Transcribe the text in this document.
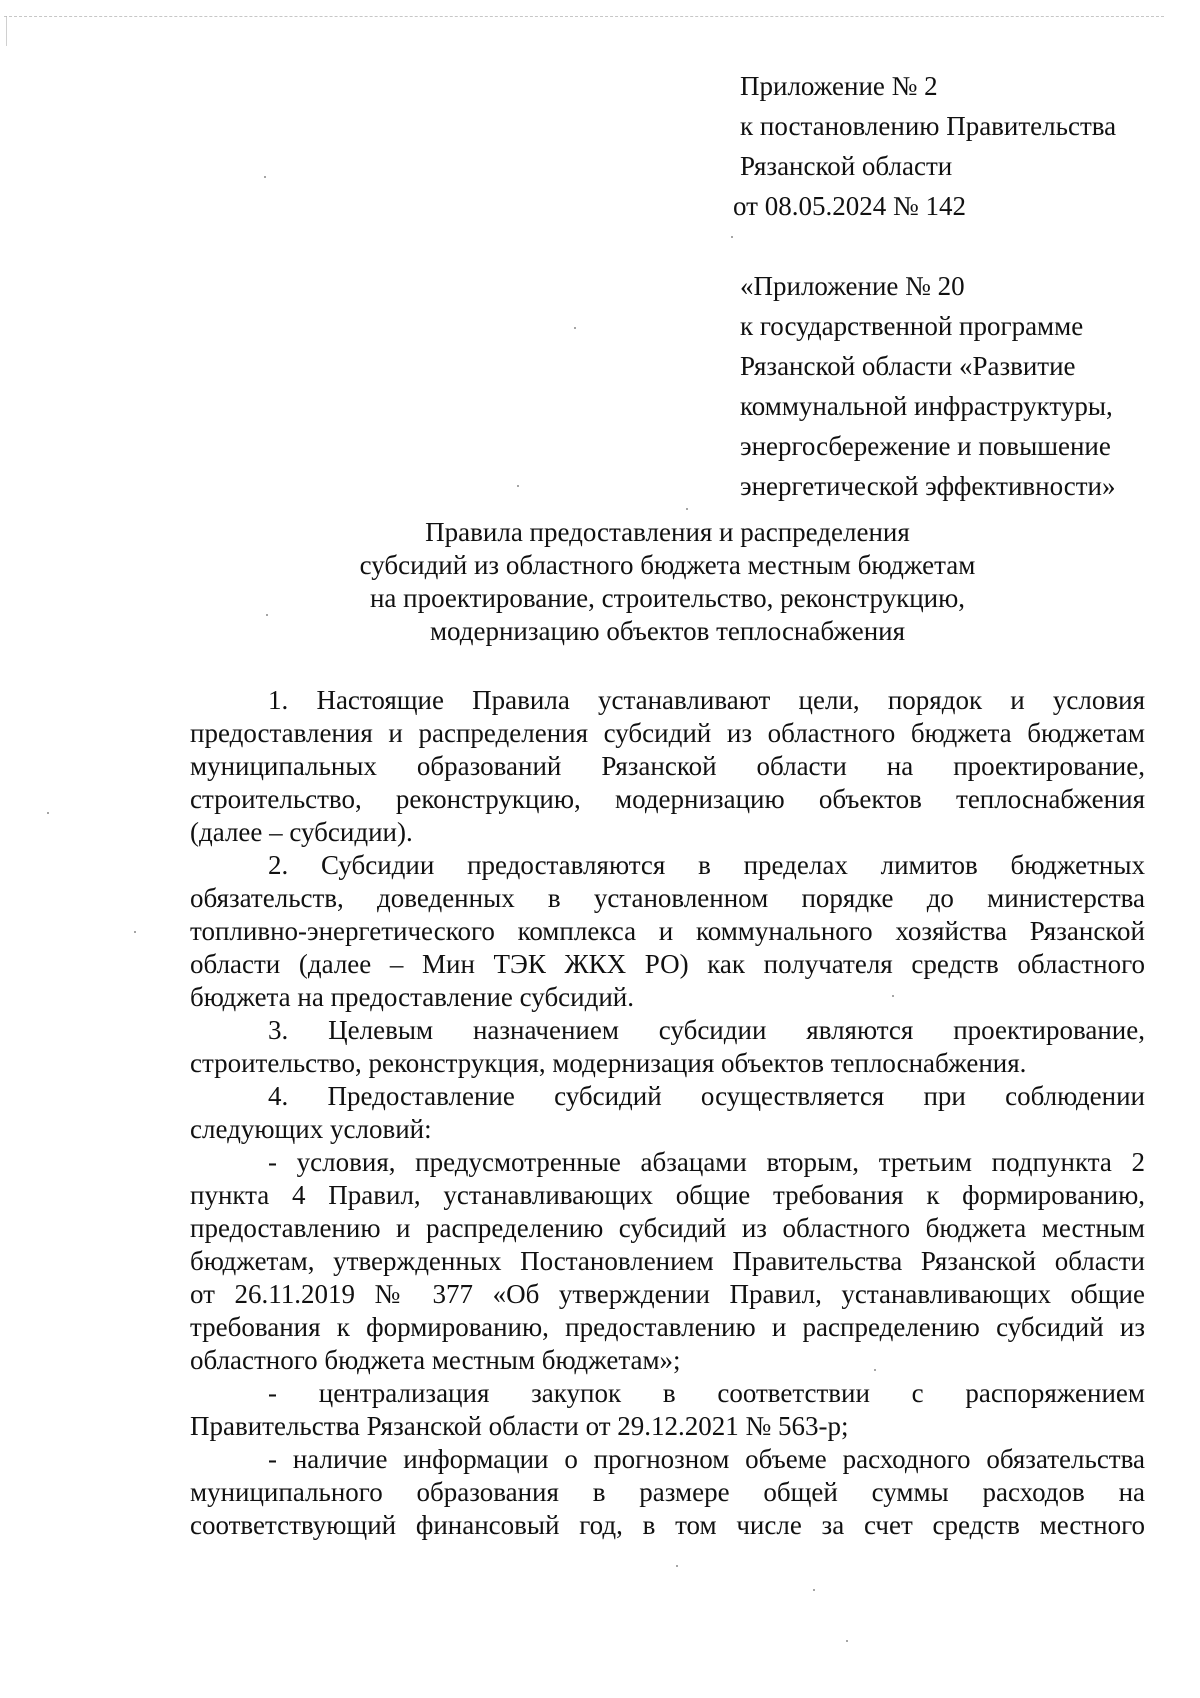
Приложение № 2
к постановлению Правительства
Рязанской области
от 08.05.2024 № 142
«Приложение № 20
к государственной программе
Рязанской области «Развитие
коммунальной инфраструктуры,
энергосбережение и повышение
энергетической эффективности»
Правила предоставления и распределения
субсидий из областного бюджета местным бюджетам
на проектирование, строительство, реконструкцию,
модернизацию объектов теплоснабжения
1. Настоящие Правила устанавливают цели, порядок и условия
предоставления и распределения субсидий из областного бюджета бюджетам
муниципальных образований Рязанской области на проектирование,
строительство, реконструкцию, модернизацию объектов теплоснабжения
(далее – субсидии).
2. Субсидии предоставляются в пределах лимитов бюджетных
обязательств, доведенных в установленном порядке до министерства
топливно-энергетического комплекса и коммунального хозяйства Рязанской
области (далее – Мин ТЭК ЖКХ РО) как получателя средств областного
бюджета на предоставление субсидий.
3. Целевым назначением субсидии являются проектирование,
строительство, реконструкция, модернизация объектов теплоснабжения.
4. Предоставление субсидий осуществляется при соблюдении
следующих условий:
- условия, предусмотренные абзацами вторым, третьим подпункта 2
пункта 4 Правил, устанавливающих общие требования к формированию,
предоставлению и распределению субсидий из областного бюджета местным
бюджетам, утвержденных Постановлением Правительства Рязанской области
от 26.11.2019 № 377 «Об утверждении Правил, устанавливающих общие
требования к формированию, предоставлению и распределению субсидий из
областного бюджета местным бюджетам»;
- централизация закупок в соответствии с распоряжением
Правительства Рязанской области от 29.12.2021 № 563-р;
- наличие информации о прогнозном объеме расходного обязательства
муниципального образования в размере общей суммы расходов на
соответствующий финансовый год, в том числе за счет средств местного
